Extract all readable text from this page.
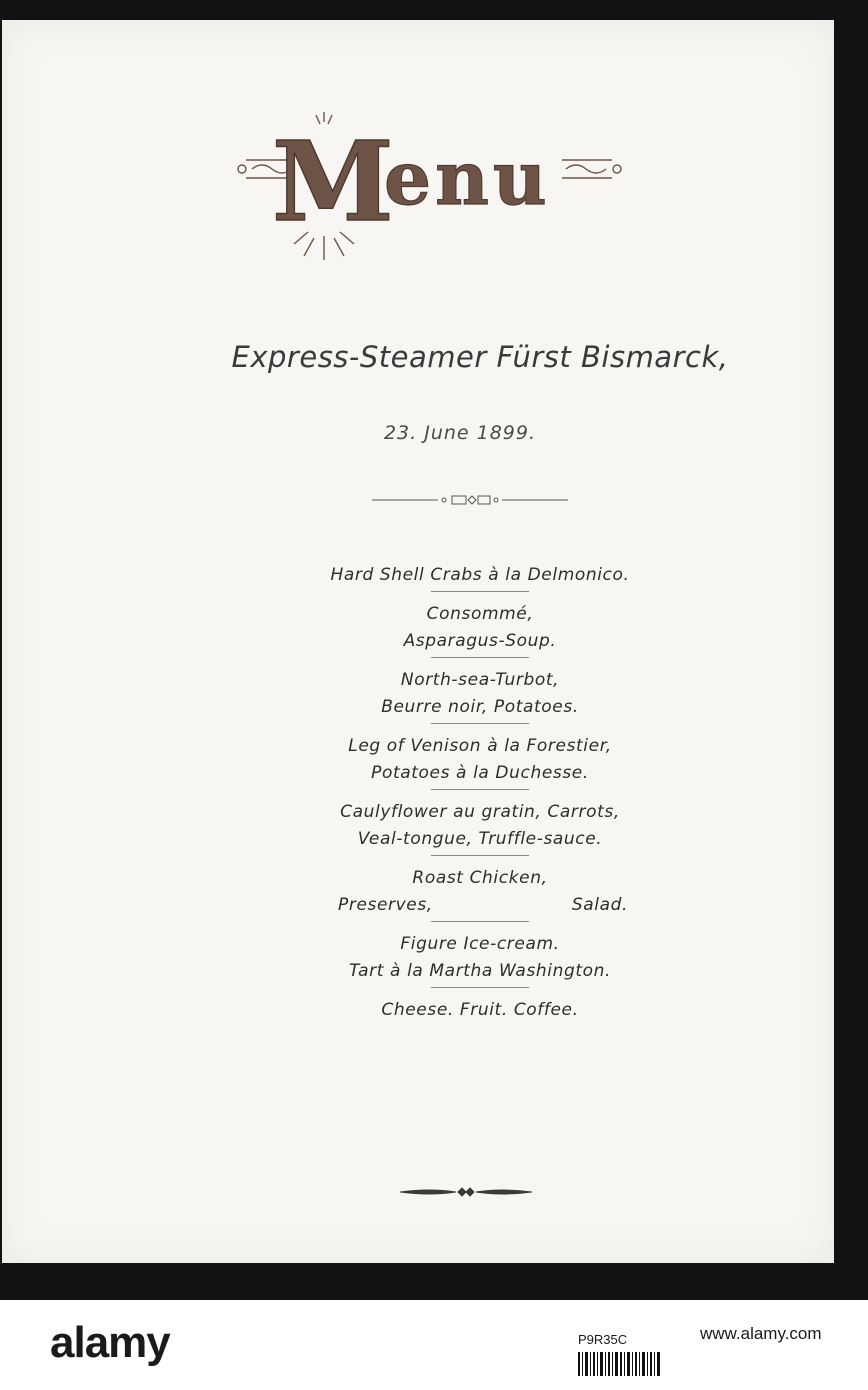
M
enu
Express-Steamer Fürst Bismarck,
23. June 1899.
Hard Shell Crabs à la Delmonico.
Consommé,
Asparagus-Soup.
North-sea-Turbot,
Beurre noir, Potatoes.
Leg of Venison à la Forestier,
Potatoes à la Duchesse.
Caulyflower au gratin, Carrots,
Veal-tongue, Truffle-sauce.
Roast Chicken,
Preserves,	Salad.
Figure Ice-cream.
Tart à la Martha Washington.
Cheese. Fruit. Coffee.
alamy	P9R35C	www.alamy.com
